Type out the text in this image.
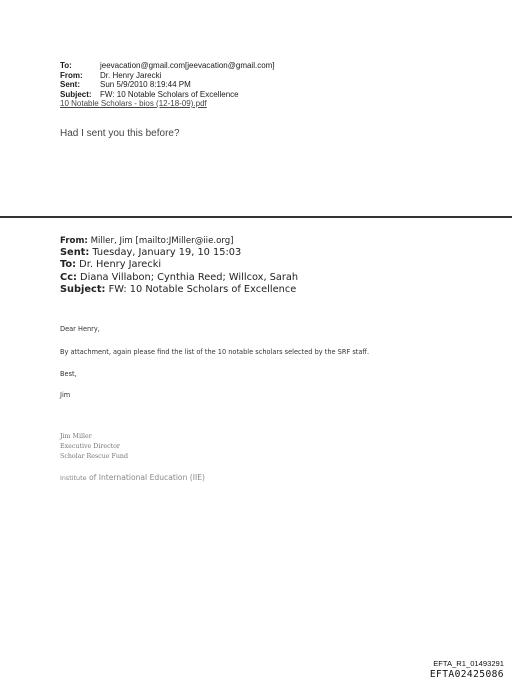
To:	jeevacation@gmail.com[jeevacation@gmail.com]
From:	Dr. Henry Jarecki
Sent:	Sun 5/9/2010 8:19:44 PM
Subject:	FW: 10 Notable Scholars of Excellence
10 Notable Scholars - bios (12-18-09).pdf
Had I sent you this before?
From: Miller, Jim [mailto:JMiller@iie.org]
Sent: Tuesday, January 19, 10 15:03
To: Dr. Henry Jarecki
Cc: Diana Villabon; Cynthia Reed; Willcox, Sarah
Subject: FW: 10 Notable Scholars of Excellence
Dear Henry,
By attachment, again please find the list of the 10 notable scholars selected by the SRF staff.
Best,
Jim
Jim Miller
Executive Director
Scholar Rescue Fund
Institute of International Education (IIE)
EFTA_R1_01493291
EFTA02425086
